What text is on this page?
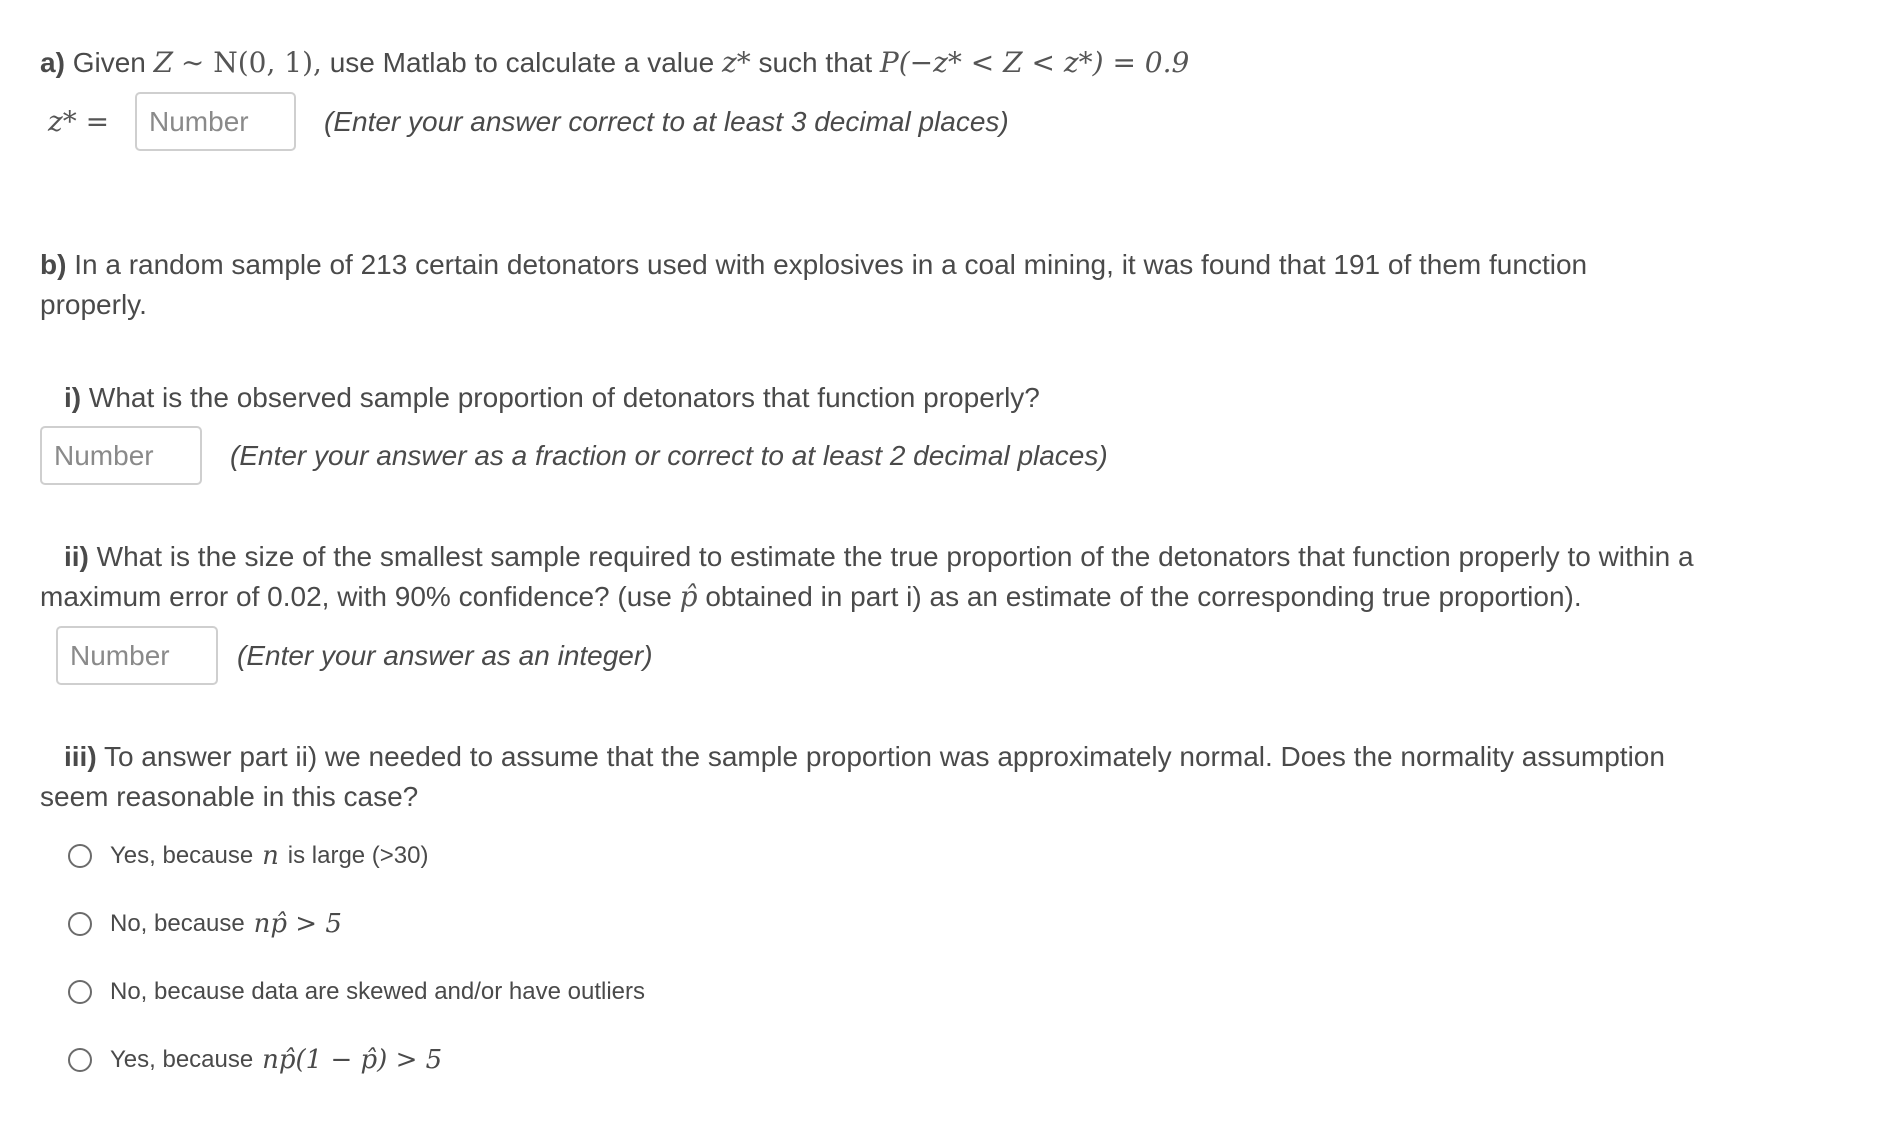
a) Given Z ∼ N(0, 1), use Matlab to calculate a value z* such that P(−z* < Z < z*) = 0.9
z* =
Number	(Enter your answer correct to at least 3 decimal places)
b) In a random sample of 213 certain detonators used with explosives in a coal mining, it was found that 191 of them function
properly.
i) What is the observed sample proportion of detonators that function properly?
Number
(Enter your answer as a fraction or correct to at least 2 decimal places)
ii) What is the size of the smallest sample required to estimate the true proportion of the detonators that function properly to within a
maximum error of 0.02, with 90% confidence? (use p̂ obtained in part i) as an estimate of the corresponding true proportion).
Number
(Enter your answer as an integer)
iii) To answer part ii) we needed to assume that the sample proportion was approximately normal. Does the normality assumption
seem reasonable in this case?
Yes, because
n
is large (>30)
No, because
np̂ > 5
No, because data are skewed and/or have outliers
Yes, because
np̂(1 − p̂) > 5
